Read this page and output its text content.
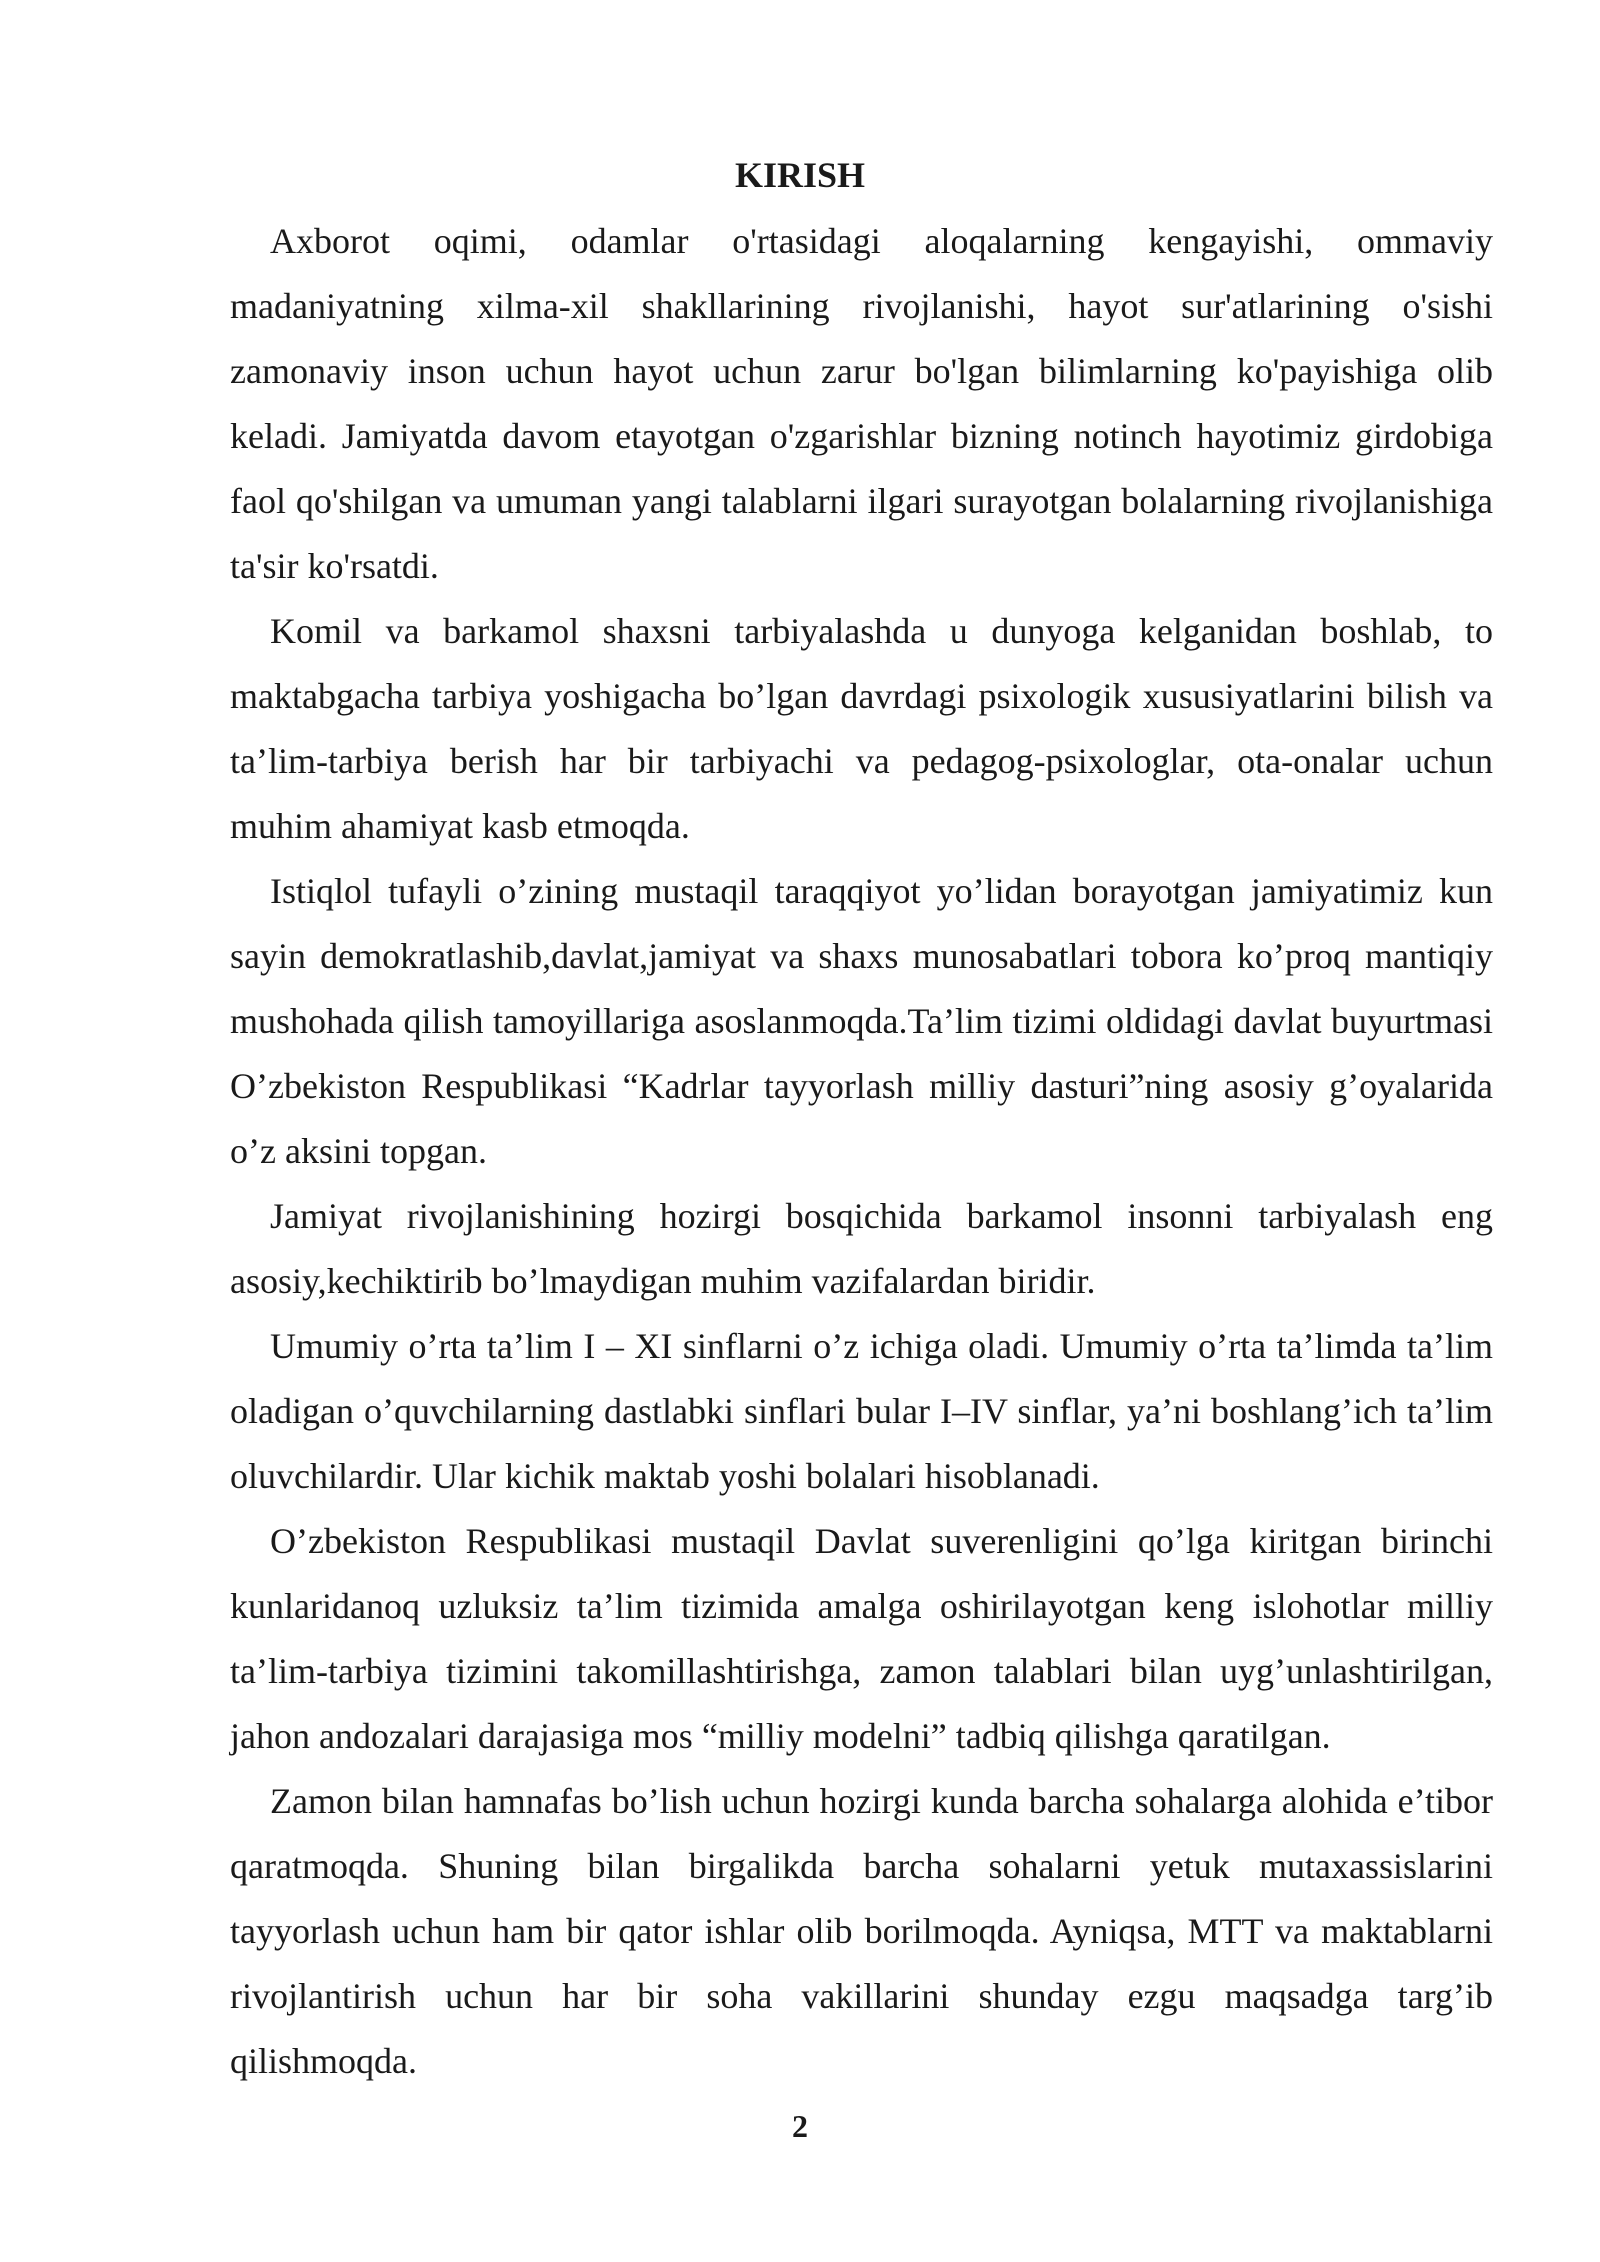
KIRISH

Axborot oqimi, odamlar o'rtasidagi aloqalarning kengayishi, ommaviy madaniyatning xilma-xil shakllarining rivojlanishi, hayot sur'atlarining o'sishi zamonaviy inson uchun hayot uchun zarur bo'lgan bilimlarning ko'payishiga olib keladi. Jamiyatda davom etayotgan o'zgarishlar bizning notinch hayotimiz girdobiga faol qo'shilgan va umuman yangi talablarni ilgari surayotgan bolalarning rivojlanishiga ta'sir ko'rsatdi.

Komil va barkamol shaxsni tarbiyalashda u dunyoga kelganidan boshlab, to maktabgacha tarbiya yoshigacha bo’lgan davrdagi psixologik xususiyatlarini bilish va ta’lim-tarbiya berish har bir tarbiyachi va pedagog-psixologlar, ota-onalar uchun muhim ahamiyat kasb etmoqda.

Istiqlol tufayli o’zining mustaqil taraqqiyot yo’lidan borayotgan jamiyatimiz kun sayin demokratlashib,davlat,jamiyat va shaxs munosabatlari tobora ko’proq mantiqiy mushohada qilish tamoyillariga asoslanmoqda.Ta’lim tizimi oldidagi davlat buyurtmasi O’zbekiston Respublikasi “Kadrlar tayyorlash milliy dasturi”ning asosiy g’oyalarida o’z aksini topgan.

Jamiyat rivojlanishining hozirgi bosqichida barkamol insonni tarbiyalash eng asosiy,kechiktirib bo’lmaydigan muhim vazifalardan biridir.

Umumiy o’rta ta’lim I – XI sinflarni o’z ichiga oladi. Umumiy o’rta ta’limda ta’lim oladigan o’quvchilarning dastlabki sinflari bular I–IV sinflar, ya’ni boshlang’ich ta’lim oluvchilardir. Ular kichik maktab yoshi bolalari hisoblanadi.

O’zbekiston Respublikasi mustaqil Davlat suverenligini qo’lga kiritgan birinchi kunlaridanoq uzluksiz ta’lim tizimida amalga oshirilayotgan keng islohotlar milliy ta’lim-tarbiya tizimini takomillashtirishga, zamon talablari bilan uyg’unlashtirilgan, jahon andozalari darajasiga mos “milliy modelni” tadbiq qilishga qaratilgan.

Zamon bilan hamnafas bo’lish uchun hozirgi kunda barcha sohalarga alohida e’tibor qaratmoqda. Shuning bilan birgalikda barcha sohalarni yetuk mutaxassislarini tayyorlash uchun ham bir qator ishlar olib borilmoqda. Ayniqsa, MTT va maktablarni rivojlantirish uchun har bir soha vakillarini shunday ezgu maqsadga targ’ib qilishmoqda.

2
